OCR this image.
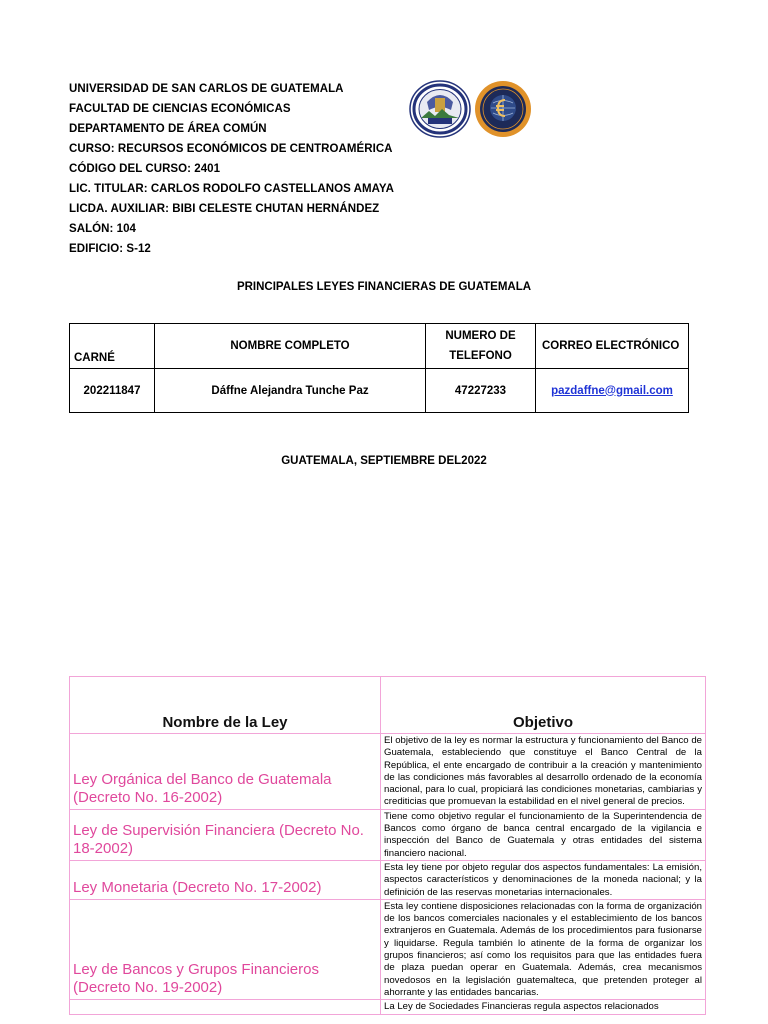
UNIVERSIDAD DE SAN CARLOS DE GUATEMALA
FACULTAD DE CIENCIAS ECONÓMICAS
DEPARTAMENTO DE ÁREA COMÚN
CURSO: RECURSOS ECONÓMICOS DE CENTROAMÉRICA
CÓDIGO DEL CURSO: 2401
LIC. TITULAR: CARLOS RODOLFO CASTELLANOS AMAYA
LICDA. AUXILIAR: BIBI CELESTE CHUTAN HERNÁNDEZ
SALÓN: 104
EDIFICIO: S-12
PRINCIPALES LEYES FINANCIERAS DE GUATEMALA
CARNÉ	NOMBRE COMPLETO	NUMERO DE
TELEFONO	CORREO ELECTRÓNICO
202211847	Dáffne Alejandra Tunche Paz	47227233	pazdaffne@gmail.com
GUATEMALA, SEPTIEMBRE DEL2022
Nombre de la Ley	Objetivo
Ley Orgánica del Banco de Guatemala (Decreto No. 16-2002)	El objetivo de la ley es normar la estructura y funcionamiento del Banco de Guatemala, estableciendo que constituye el Banco Central de la República, el ente encargado de contribuir a la creación y mantenimiento de las condiciones más favorables al desarrollo ordenado de la economía nacional, para lo cual, propiciará las condiciones monetarias, cambiarias y crediticias que promuevan la estabilidad en el nivel general de precios.
Ley de Supervisión Financiera (Decreto No. 18-2002)	Tiene como objetivo regular el funcionamiento de la Superintendencia de Bancos como órgano de banca central encargado de la vigilancia e inspección del Banco de Guatemala y otras entidades del sistema financiero nacional.
Ley Monetaria (Decreto No. 17-2002)	Esta ley tiene por objeto regular dos aspectos fundamentales: La emisión, aspectos característicos y denominaciones de la moneda nacional; y la definición de las reservas monetarias internacionales.
Ley de Bancos y Grupos Financieros (Decreto No. 19-2002)	Esta ley contiene disposiciones relacionadas con la forma de organización de los bancos comerciales nacionales y el establecimiento de los bancos extranjeros en Guatemala. Además de los procedimientos para fusionarse y liquidarse. Regula también lo atinente de la forma de organizar los grupos financieros; así como los requisitos para que las entidades fuera de plaza puedan operar en Guatemala. Además, crea mecanismos novedosos en la legislación guatemalteca, que pretenden proteger al ahorrante y las entidades bancarias.
	La Ley de Sociedades Financieras regula aspectos relacionados
